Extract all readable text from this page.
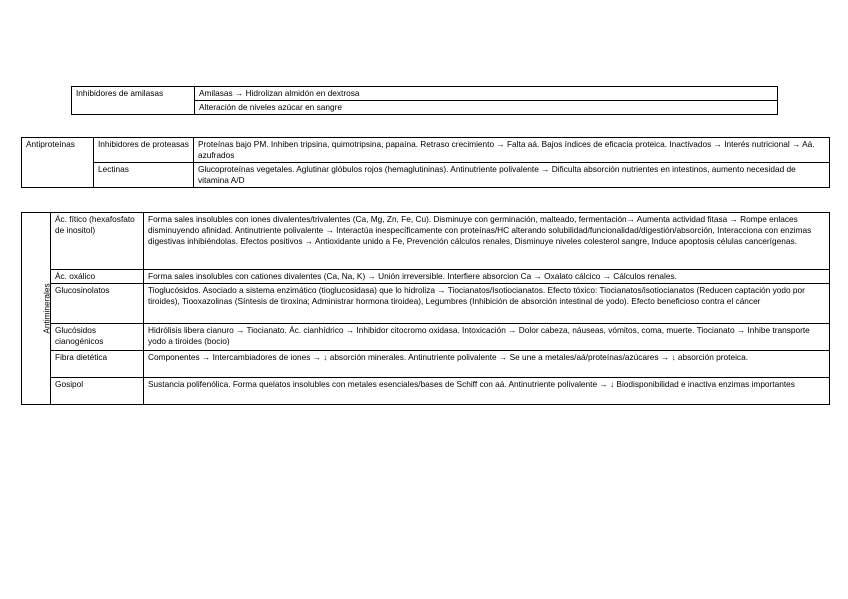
Inhibidores de amilasas	Amilasas → Hidrolizan almidón en dextrosa
Alteración de niveles azúcar en sangre
Antiproteínas	Inhibidores de proteasas	Proteínas bajo PM. Inhiben tripsina, quimotripsina, papaína. Retraso crecimiento → Falta aá. Bajos índices de eficacia proteica. Inactivados → Interés nutricional → Aá. azufrados
	Lectinas	Glucoproteínas vegetales. Aglutinar glóbulos rojos (hemaglutininas). Antinutriente polivalente → Dificulta absorción nutrientes en intestinos, aumento necesidad de vitamina A/D
Antiminerales	Ác. fítico (hexafosfato de inositol)	Forma sales insolubles con iones divalentes/trivalentes (Ca, Mg, Zn, Fe, Cu). Disminuye con germinación, malteado, fermentación→ Aumenta actividad fitasa → Rompe enlaces disminuyendo afinidad. Antinutriente polivalente → Interactúa inespecíficamente con proteínas/HC alterando solubilidad/funcionalidad/digestión/absorción, Interacciona con enzimas digestivas inhibiéndolas. Efectos positivos → Antioxidante unido a Fe, Prevención cálculos renales, Disminuye niveles colesterol sangre, Induce apoptosis células cancerígenas.
	Ác. oxálico	Forma sales insolubles con cationes divalentes (Ca, Na, K) → Unión irreversible. Interfiere absorcion Ca → Oxalato cálcico → Cálculos renales.
	Glucosinolatos	Tioglucósidos. Asociado a sistema enzimático (tioglucosidasa) que lo hidroliza → Tiocianatos/Isotiocianatos. Efecto tóxico: Tiocianatos/isotiocianatos (Reducen captación yodo por tiroides), Tiooxazolinas (Síntesis de tiroxina; Administrar hormona tiroidea), Legumbres (Inhibición de absorción intestinal de yodo). Efecto beneficioso contra el cáncer
	Glucósidos cianogénicos	Hidrólisis libera cianuro → Tiocianato. Ác. cianhídrico → Inhibidor citocromo oxidasa. Intoxicación → Dolor cabeza, náuseas, vómitos, coma, muerte. Tiocianato → Inhibe transporte yodo a tiroides (bocio)
	Fibra dietética	Componentes → Intercambiadores de iones → ↓ absorción minerales. Antinutriente polivalente → Se une a metales/aá/proteínas/azúcares → ↓ absorción proteica.
	Gosipol	Sustancia polifenólica. Forma quelatos insolubles con metales esenciales/bases de Schiff con aá. Antinutriente polivalente → ↓ Biodisponibilidad e inactiva enzimas importantes
